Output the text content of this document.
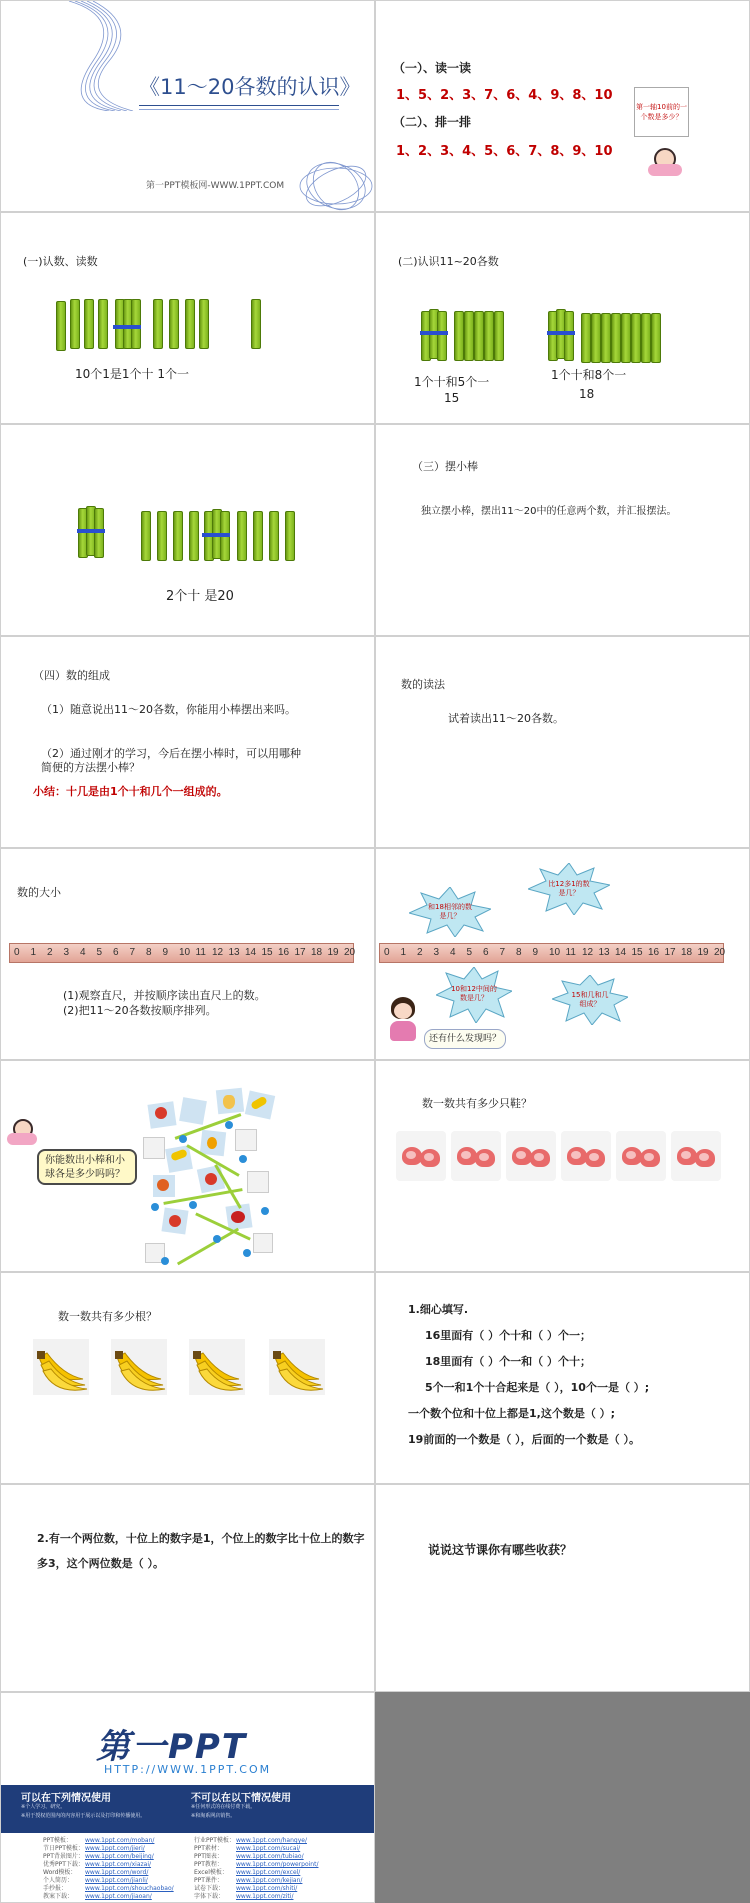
《11～20各数的认识》
第一PPT模板网-WWW.1PPT.COM
（一）、读一读
1、5、2、3、7、6、4、9、8、10
（二）、排一排
1、2、3、4、5、6、7、8、9、10
第一轴10前的一个数是多少？
(一)认数、读数
10个1是1个十 1个一
(二)认识11~20各数
1个十和5个一
15
1个十和8个一
18
2个十 是20
（三）摆小棒
独立摆小棒，摆出11～20中的任意两个数，并汇报摆法。
（四）数的组成
（1）随意说出11～20各数，你能用小棒摆出来吗。
（2）通过刚才的学习，今后在摆小棒时，可以用哪种
简便的方法摆小棒？
小结：十几是由1个十和几个一组成的。
数的读法
试着读出11～20各数。
数的大小
0 1 2 3 4 5 6 7 8 9 10 11 12 13 14 15 16 17 18 19 20
(1)观察直尺，并按顺序读出直尺上的数。
(2)把11～20各数按顺序排列。
和18相邻的数是几？
比12多1的数是几？
0 1 2 3 4 5 6 7 8 9 10 11 12 13 14 15 16 17 18 19 20
10和12中间的数是几？	15和几和几组成？
还有什么发现吗？
你能数出小棒和小球各是多少吗吗？
数一数共有多少只鞋？
数一数共有多少根？
1.细心填写.
16里面有（ ）个十和（ ）个一；
18里面有（ ）个一和（ ）个十；
5个一和1个十合起来是（ ），10个一是（ ）;
一个数个位和十位上都是1,这个数是（ ）;
19前面的一个数是（ ），后面的一个数是（ ）。
2.有一个两位数，十位上的数字是1，个位上的数字比十位上的数字
多3，这个两位数是（ ）。
说说这节课你有哪些收获？
第一PPT
HTTP://WWW.1PPT.COM
可以在下列情况使用
※个人学习、研究。
※用于授权范围内的内容用于展示以及打印和传播使用。
不可以在以下情况使用
※任何形式的在线付费下载。
※和淘系网店销售。
PPT模板： www.1ppt.com/moban/
节日PPT模板：www.1ppt.com/jieri/
PPT背景图片：www.1ppt.com/beijing/
优秀PPT下载：www.1ppt.com/xiazai/
Word模板： www.1ppt.com/word/
个人简历： www.1ppt.com/jianli/
手抄报：	www.1ppt.com/shouchaobao/
教案下载： www.1ppt.com/jiaoan/
行业PPT模板：www.1ppt.com/hangye/
PPT素材： www.1ppt.com/sucai/
PPT图表： www.1ppt.com/tubiao/
PPT教程： www.1ppt.com/powerpoint/
Excel模板： www.1ppt.com/excel/
PPT课件： www.1ppt.com/kejian/
试卷下载： www.1ppt.com/shiti/
字体下载： www.1ppt.com/ziti/
